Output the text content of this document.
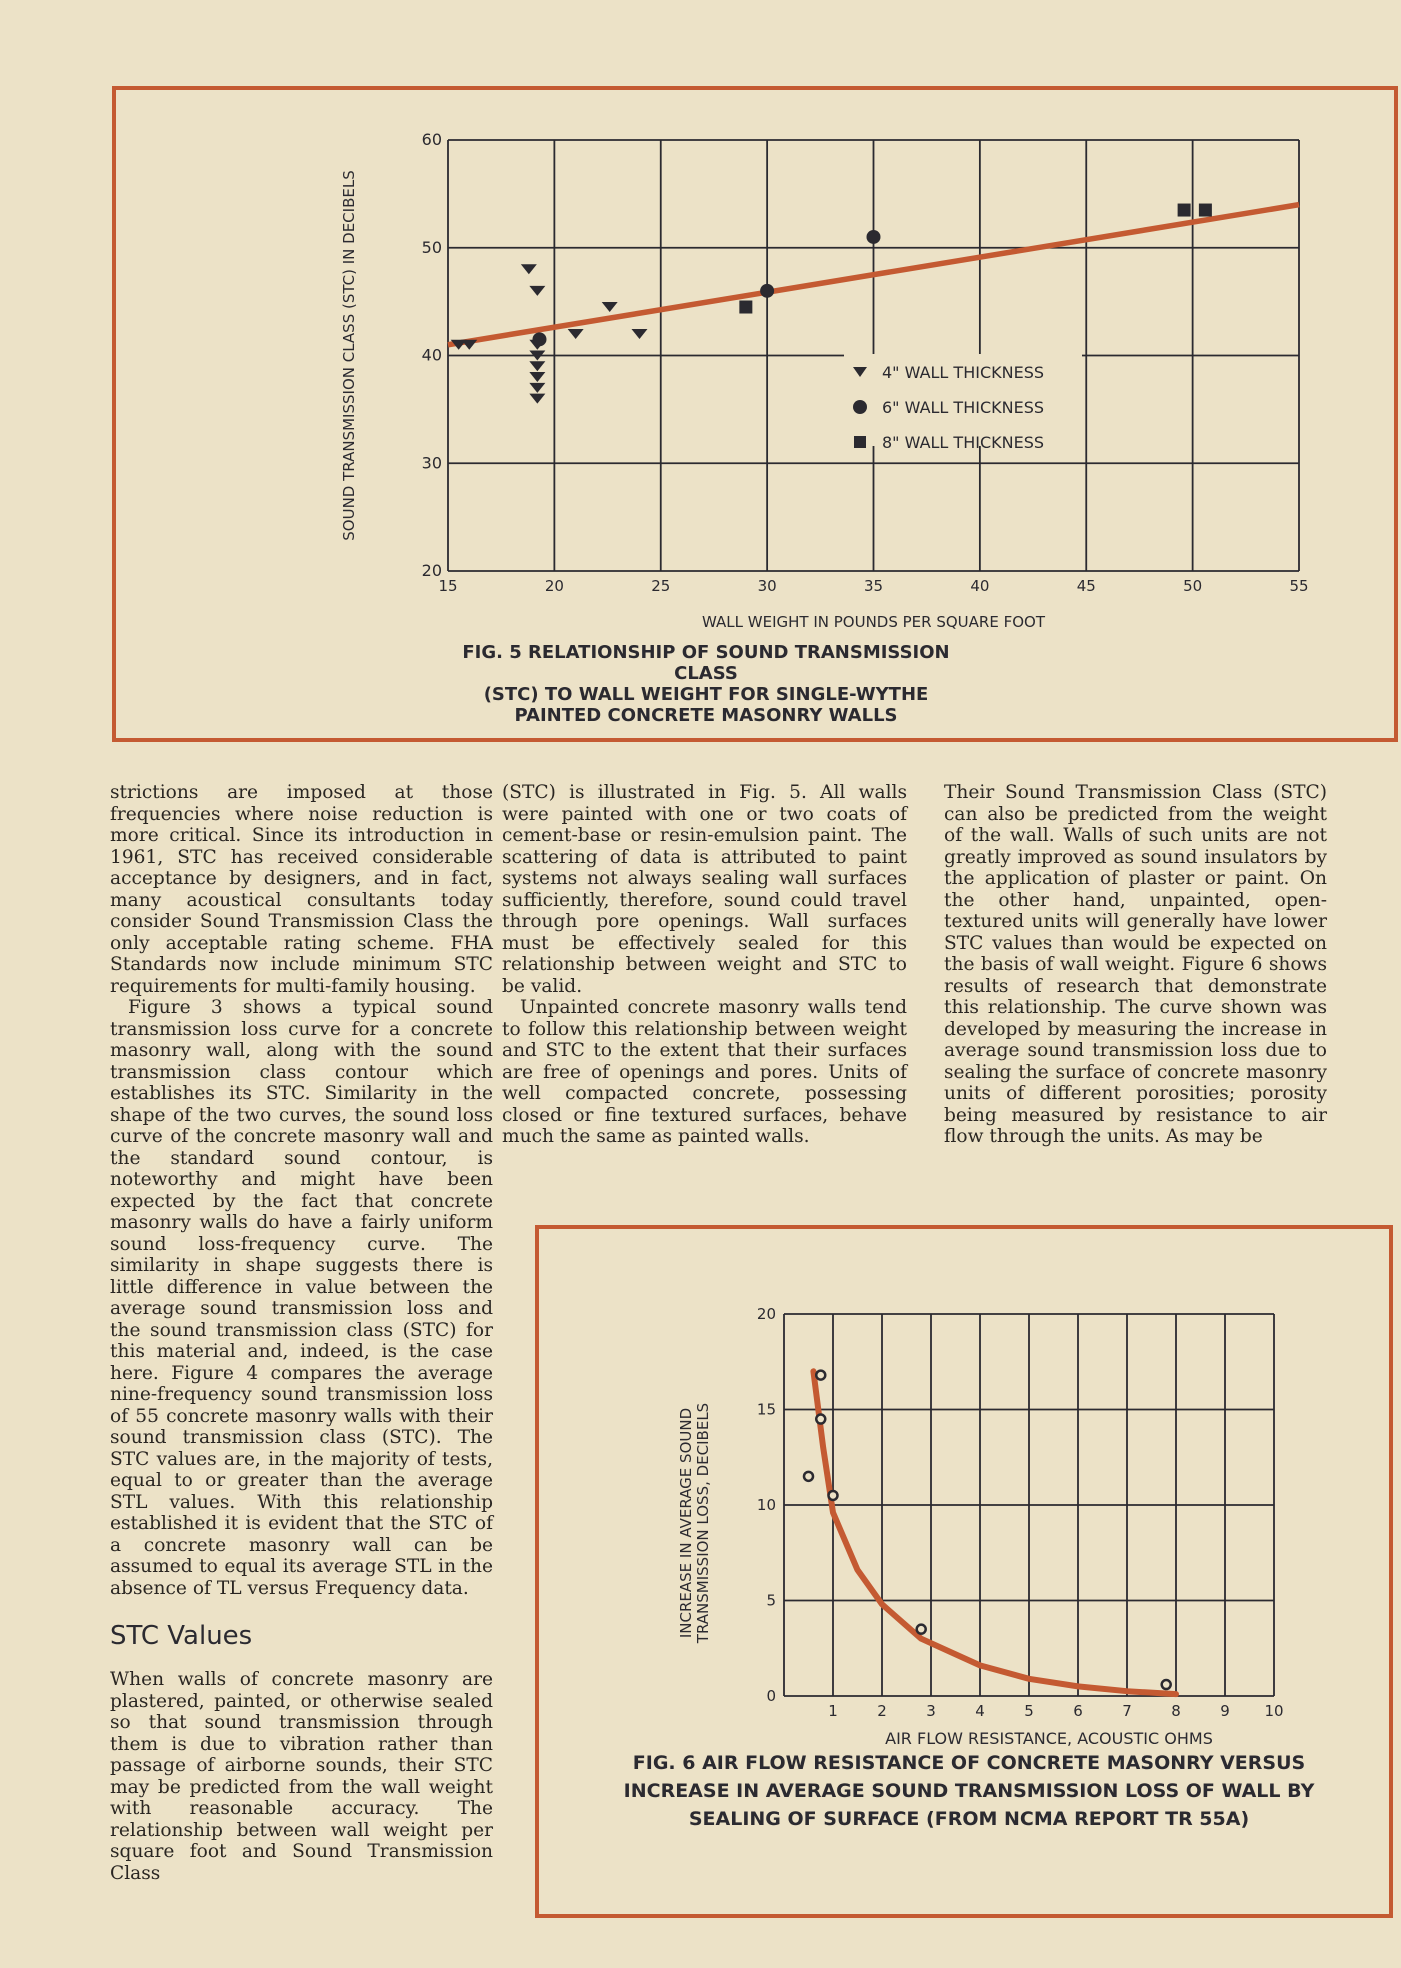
15	20	25	30	35	40	45	50	55
20
30
40
50
60
WALL WEIGHT IN POUNDS PER SQUARE FOOT
SOUND TRANSMISSION CLASS (STC) IN DECIBELS	4" WALL THICKNESS
6" WALL THICKNESS
8" WALL THICKNESS
FIG. 5 RELATIONSHIP OF SOUND TRANSMISSION CLASS
(STC) TO WALL WEIGHT FOR SINGLE-WYTHE
PAINTED CONCRETE MASONRY WALLS

strictions are imposed at those frequencies where noise reduction is more critical. Since its introduction in 1961, STC has received considerable acceptance by designers, and in fact, many acoustical consultants today consider Sound Transmission Class the only acceptable rating scheme. FHA Standards now include minimum STC requirements for multi-family housing.

Figure 3 shows a typical sound transmission loss curve for a concrete masonry wall, along with the sound transmission class contour which establishes its STC. Similarity in the shape of the two curves, the sound loss curve of the concrete masonry wall and the standard sound contour, is noteworthy and might have been expected by the fact that concrete masonry walls do have a fairly uniform sound loss-frequency curve. The similarity in shape suggests there is little difference in value between the average sound transmission loss and the sound transmission class (STC) for this material and, indeed, is the case here. Figure 4 compares the average nine-frequency sound transmission loss of 55 concrete masonry walls with their sound transmission class (STC). The STC values are, in the majority of tests, equal to or greater than the average STL values. With this relationship established it is evident that the STC of a concrete masonry wall can be assumed to equal its average STL in the absence of TL versus Frequency data.

STC Values

When walls of concrete masonry are plastered, painted, or otherwise sealed so that sound transmission through them is due to vibration rather than passage of airborne sounds, their STC may be predicted from the wall weight with reasonable accuracy. The relationship between wall weight per square foot and Sound Transmission Class

(STC) is illustrated in Fig. 5. All walls were painted with one or two coats of cement-base or resin-emulsion paint. The scattering of data is attributed to paint systems not always sealing wall surfaces sufficiently, therefore, sound could travel through pore openings. Wall surfaces must be effectively sealed for this relationship between weight and STC to be valid.

Unpainted concrete masonry walls tend to follow this relationship between weight and STC to the extent that their surfaces are free of openings and pores. Units of well compacted concrete, possessing closed or fine textured surfaces, behave much the same as painted walls.

Their Sound Transmission Class (STC) can also be predicted from the weight of the wall. Walls of such units are not greatly improved as sound insulators by the application of plaster or paint. On the other hand, unpainted, open-textured units will generally have lower STC values than would be expected on the basis of wall weight. Figure 6 shows results of research that demonstrate this relationship. The curve shown was developed by measuring the increase in average sound transmission loss due to sealing the surface of concrete masonry units of different porosities; porosity being measured by resistance to air flow through the units. As may be

1	2	3	4	5	6	7	8	9 10
0
5
10
15
20
AIR FLOW RESISTANCE, ACOUSTIC OHMS
INCREASE IN AVERAGE SOUND TRANSMISSION LOSS, DECIBELS
FIG. 6 AIR FLOW RESISTANCE OF CONCRETE MASONRY VERSUS
INCREASE IN AVERAGE SOUND TRANSMISSION LOSS OF WALL BY
SEALING OF SURFACE (FROM NCMA REPORT TR 55A)
